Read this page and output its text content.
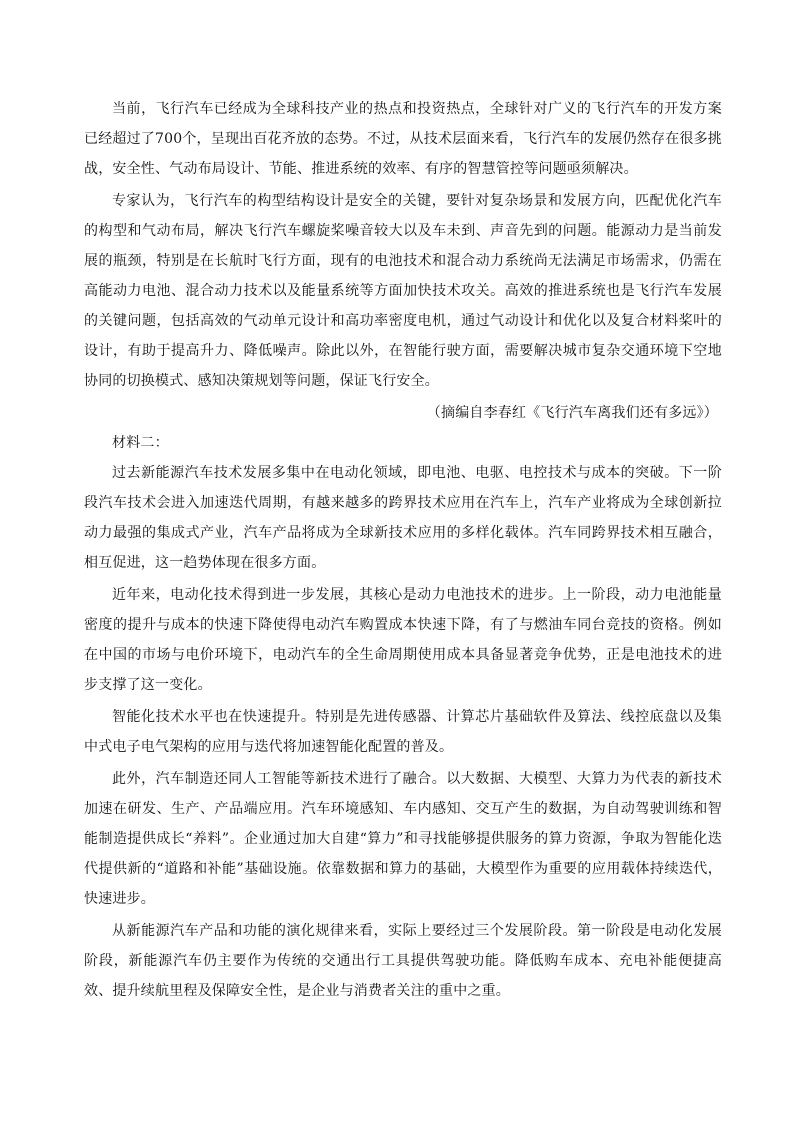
当前，飞行汽车已经成为全球科技产业的热点和投资热点，全球针对广义的飞行汽车的开发方案已经超过了700个，呈现出百花齐放的态势。不过，从技术层面来看，飞行汽车的发展仍然存在很多挑战，安全性、气动布局设计、节能、推进系统的效率、有序的智慧管控等问题亟须解决。

专家认为，飞行汽车的构型结构设计是安全的关键，要针对复杂场景和发展方向，匹配优化汽车的构型和气动布局，解决飞行汽车螺旋桨噪音较大以及车未到、声音先到的问题。能源动力是当前发展的瓶颈，特别是在长航时飞行方面，现有的电池技术和混合动力系统尚无法满足市场需求，仍需在高能动力电池、混合动力技术以及能量系统等方面加快技术攻关。高效的推进系统也是飞行汽车发展的关键问题，包括高效的气动单元设计和高功率密度电机，通过气动设计和优化以及复合材料桨叶的设计，有助于提高升力、降低噪声。除此以外，在智能行驶方面，需要解决城市复杂交通环境下空地协同的切换模式、感知决策规划等问题，保证飞行安全。

（摘编自李春红《飞行汽车离我们还有多远》）

材料二：

过去新能源汽车技术发展多集中在电动化领域，即电池、电驱、电控技术与成本的突破。下一阶段汽车技术会进入加速迭代周期，有越来越多的跨界技术应用在汽车上，汽车产业将成为全球创新拉动力最强的集成式产业，汽车产品将成为全球新技术应用的多样化载体。汽车同跨界技术相互融合，相互促进，这一趋势体现在很多方面。

近年来，电动化技术得到进一步发展，其核心是动力电池技术的进步。上一阶段，动力电池能量密度的提升与成本的快速下降使得电动汽车购置成本快速下降，有了与燃油车同台竞技的资格。例如在中国的市场与电价环境下，电动汽车的全生命周期使用成本具备显著竞争优势，正是电池技术的进步支撑了这一变化。

智能化技术水平也在快速提升。特别是先进传感器、计算芯片基础软件及算法、线控底盘以及集中式电子电气架构的应用与迭代将加速智能化配置的普及。

此外，汽车制造还同人工智能等新技术进行了融合。以大数据、大模型、大算力为代表的新技术加速在研发、生产、产品端应用。汽车环境感知、车内感知、交互产生的数据，为自动驾驶训练和智能制造提供成长“养料”。企业通过加大自建“算力”和寻找能够提供服务的算力资源，争取为智能化迭代提供新的“道路和补能”基础设施。依靠数据和算力的基础，大模型作为重要的应用载体持续迭代，快速进步。

从新能源汽车产品和功能的演化规律来看，实际上要经过三个发展阶段。第一阶段是电动化发展阶段，新能源汽车仍主要作为传统的交通出行工具提供驾驶功能。降低购车成本、充电补能便捷高效、提升续航里程及保障安全性，是企业与消费者关注的重中之重。
